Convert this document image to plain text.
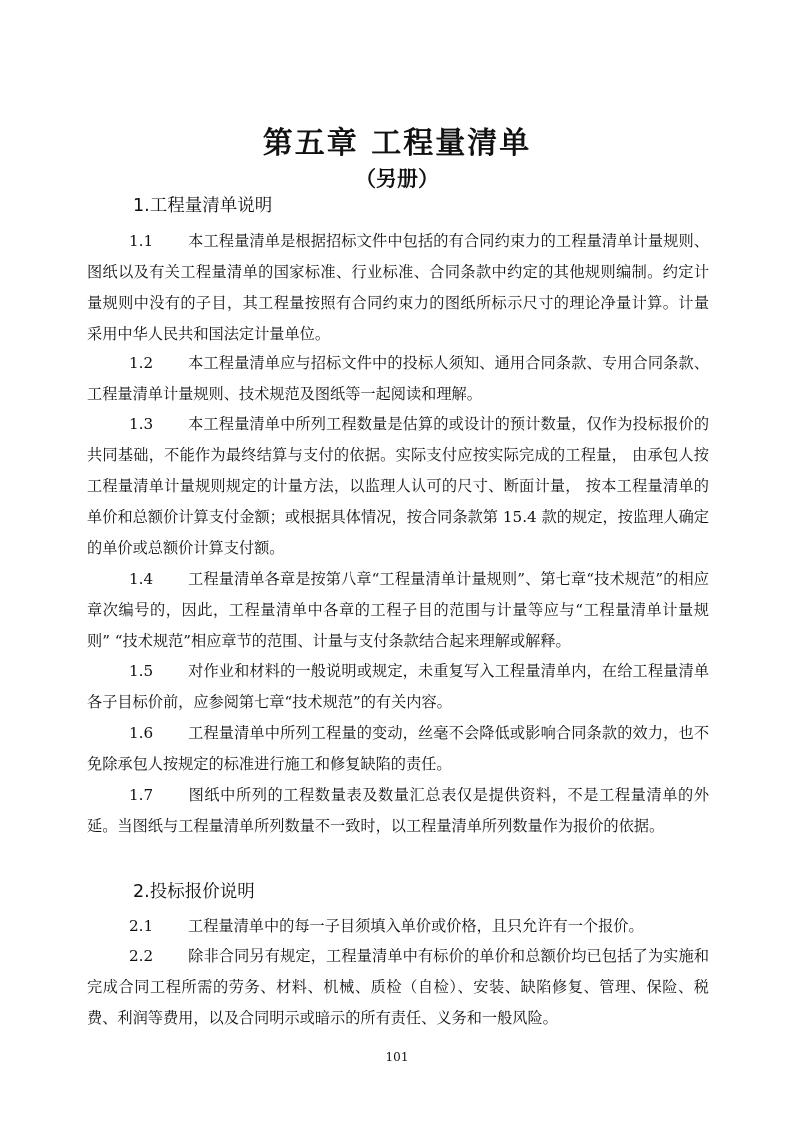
第五章 工程量清单
（另册）
1.工程量清单说明
1.1 本工程量清单是根据招标文件中包括的有合同约束力的工程量清单计量规则、图纸以及有关工程量清单的国家标准、行业标准、合同条款中约定的其他规则编制。约定计量规则中没有的子目，其工程量按照有合同约束力的图纸所标示尺寸的理论净量计算。计量采用中华人民共和国法定计量单位。
1.2 本工程量清单应与招标文件中的投标人须知、通用合同条款、专用合同条款、工程量清单计量规则、技术规范及图纸等一起阅读和理解。
1.3 本工程量清单中所列工程数量是估算的或设计的预计数量，仅作为投标报价的共同基础，不能作为最终结算与支付的依据。实际支付应按实际完成的工程量， 由承包人按工程量清单计量规则规定的计量方法，以监理人认可的尺寸、断面计量， 按本工程量清单的单价和总额价计算支付金额；或根据具体情况，按合同条款第 15.4 款的规定，按监理人确定的单价或总额价计算支付额。
1.4 工程量清单各章是按第八章“工程量清单计量规则”、第七章“技术规范”的相应章次编号的，因此，工程量清单中各章的工程子目的范围与计量等应与“工程量清单计量规则” “技术规范”相应章节的范围、计量与支付条款结合起来理解或解释。
1.5 对作业和材料的一般说明或规定，未重复写入工程量清单内，在给工程量清单各子目标价前，应参阅第七章“技术规范”的有关内容。
1.6 工程量清单中所列工程量的变动，丝毫不会降低或影响合同条款的效力，也不免除承包人按规定的标准进行施工和修复缺陷的责任。
1.7 图纸中所列的工程数量表及数量汇总表仅是提供资料，不是工程量清单的外延。当图纸与工程量清单所列数量不一致时，以工程量清单所列数量作为报价的依据。
2.投标报价说明
2.1 工程量清单中的每一子目须填入单价或价格，且只允许有一个报价。
2.2 除非合同另有规定，工程量清单中有标价的单价和总额价均已包括了为实施和完成合同工程所需的劳务、材料、机械、质检（自检）、安装、缺陷修复、管理、保险、税费、利润等费用，以及合同明示或暗示的所有责任、义务和一般风险。
101
